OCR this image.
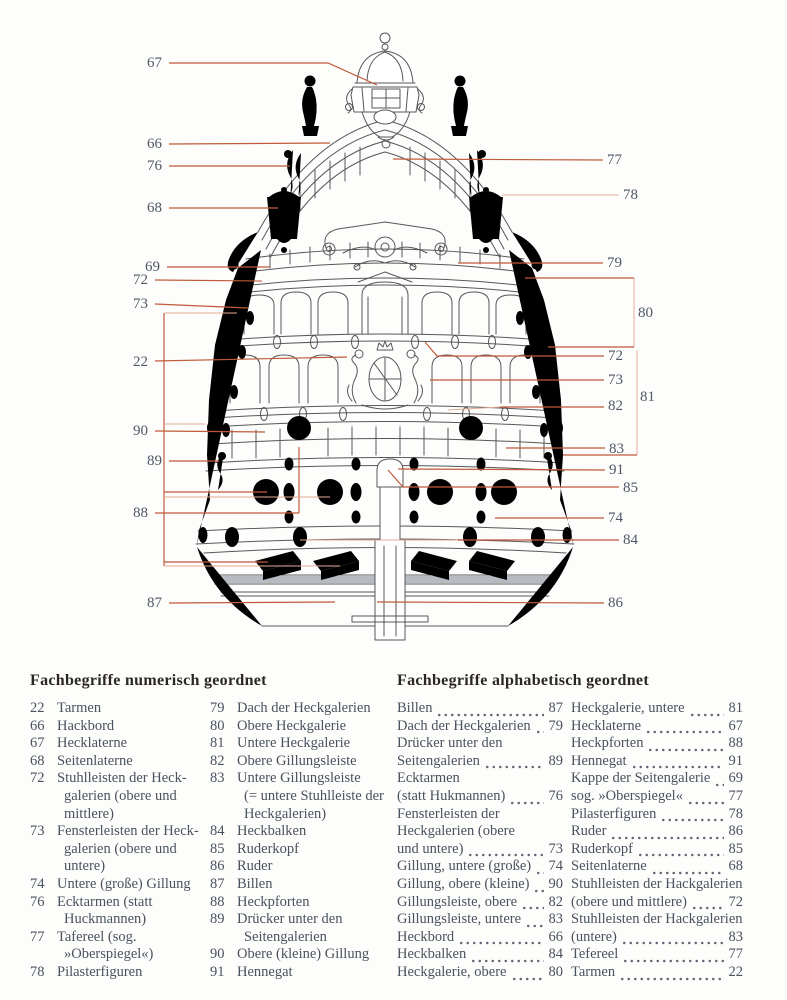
67
66
76
68
69
72
73
22
90
89
88
87
77
78
79
80
72
73
82
81
83
91
85
74
84
86
Fachbegriffe numerisch geordnet	Fachbegriffe alphabetisch geordnet
22 Tarmen
66 Hackbord
67 Hecklaterne
68 Seitenlaterne
72 Stuhlleisten der Heck-
galerien (obere und
mittlere)
73 Fensterleisten der Heck-
galerien (obere und
untere)
74 Untere (große) Gillung
76 Ecktarmen (statt
Huckmannen)
77 Tafereel (sog.
»Oberspiegel«)
78 Pilasterfiguren
79 Dach der Heckgalerien
80 Obere Heckgalerie
81 Untere Heckgalerie
82 Obere Gillungsleiste
83 Untere Gillungsleiste
(= untere Stuhlleiste der
Heckgalerien)
84 Heckbalken
85 Ruderkopf
86 Ruder
87 Billen
88 Heckpforten
89 Drücker unter den
Seitengalerien
90 Obere (kleine) Gillung
91 Hennegat
Billen	87
Dach der Heckgalerien 79
Drücker unter den
Seitengalerien	89
Ecktarmen
(statt Hukmannen)	76
Fensterleisten der
Heckgalerien (obere
und untere)	73
Gillung, untere (große) 74
Gillung, obere (kleine) 90
Gillungsleiste, obere 82
Gillungsleiste, untere 83
Heckbord	66
Heckbalken	84
Heckgalerie, obere	80
Heckgalerie, untere	81
Hecklaterne	67
Heckpforten	88
Hennegat	91
Kappe der Seitengalerie 69
sog. »Oberspiegel«	77
Pilasterfiguren	78
Ruder	86
Ruderkopf	85
Seitenlaterne	68
Stuhlleisten der Hackgalerien
(obere und mittlere)	72
Stuhlleisten der Hackgalerien
(untere)	83
Tefereel	77
Tarmen	22
